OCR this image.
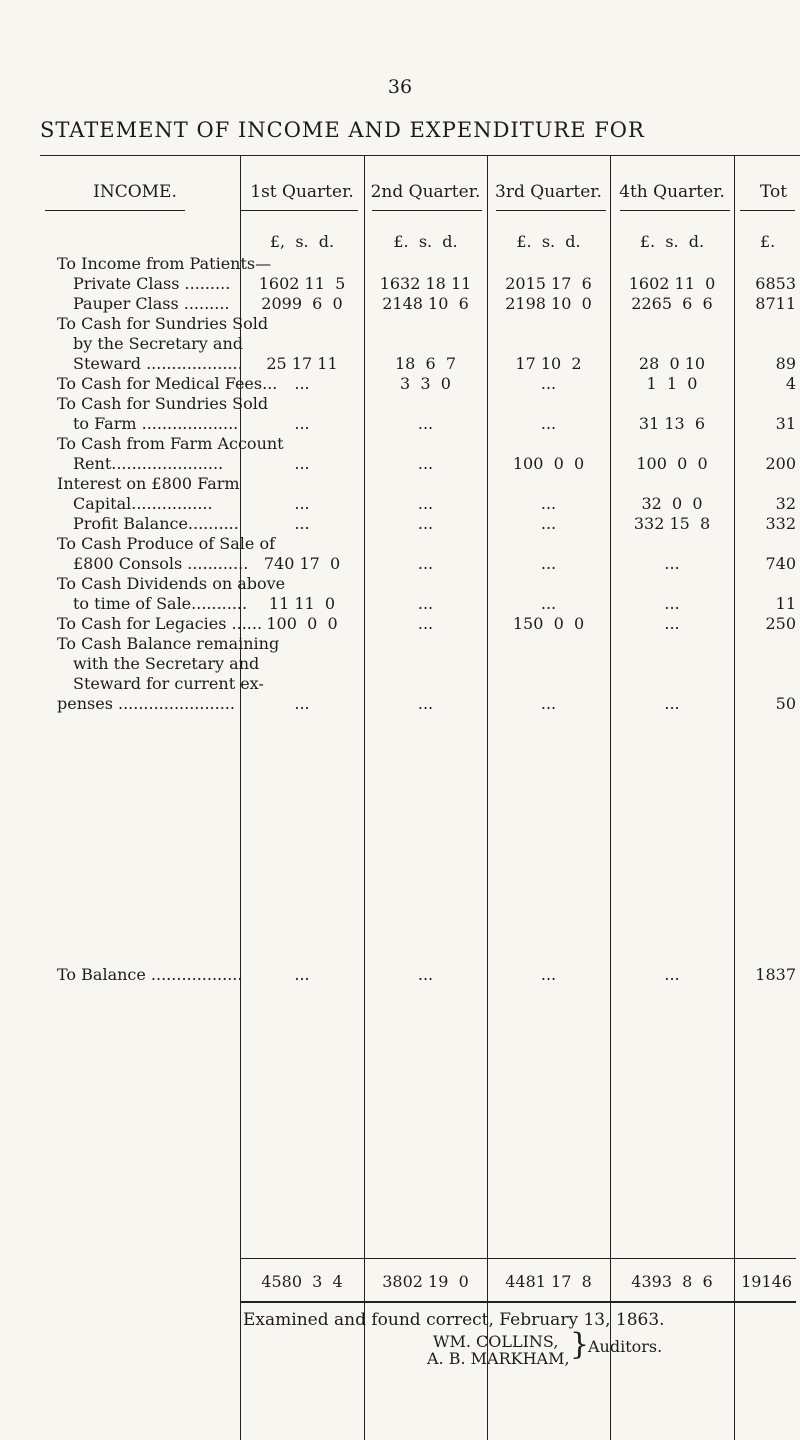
36
STATEMENT OF INCOME AND EXPENDITURE FOR
INCOME.	1st Quarter. 2nd Quarter. 3rd Quarter.	4th Quarter.	Tot
£,  s.  d.	£.  s.  d.	£.  s.  d.	£.  s.  d.	£.
To Income from Patients—
Private Class .........	1602 11  5	1632 18 11	2015 17  6	1602 11  0	6853
Pauper Class .........	2099  6  0	2148 10  6	2198 10  0	2265  6  6	8711
To Cash for Sundries Sold
by the Secretary and
Steward ...................	25 17 11	18  6  7	17 10  2	28  0 10	89
To Cash for Medical Fees...	...	3  3  0	...	1  1  0	4
To Cash for Sundries Sold
to Farm ...................	...	...	...	31 13  6	31
To Cash from Farm Account
Rent......................	...	...	100  0  0	100  0  0	200
Interest on £800 Farm
Capital................	...	...	...	32  0  0	32
Profit Balance..........	...	...	...	332 15  8	332
To Cash Produce of Sale of
£800 Consols ............ 740 17  0	...	...	...	740
To Cash Dividends on above
to time of Sale...........	11 11  0	...	...	...	11
To Cash for Legacies ...... 100  0  0	...	150  0  0	...	250
To Cash Balance remaining
with the Secretary and
Steward for current ex-
penses .......................	...	...	...	...	50
To Balance ..................	...	...	...	...	1837
4580  3  4	3802 19  0	4481 17  8	4393  8  6	19146
Examined and found correct, February 13, 1863.
WM. COLLINS,
A. B. MARKHAM, }
Auditors.
